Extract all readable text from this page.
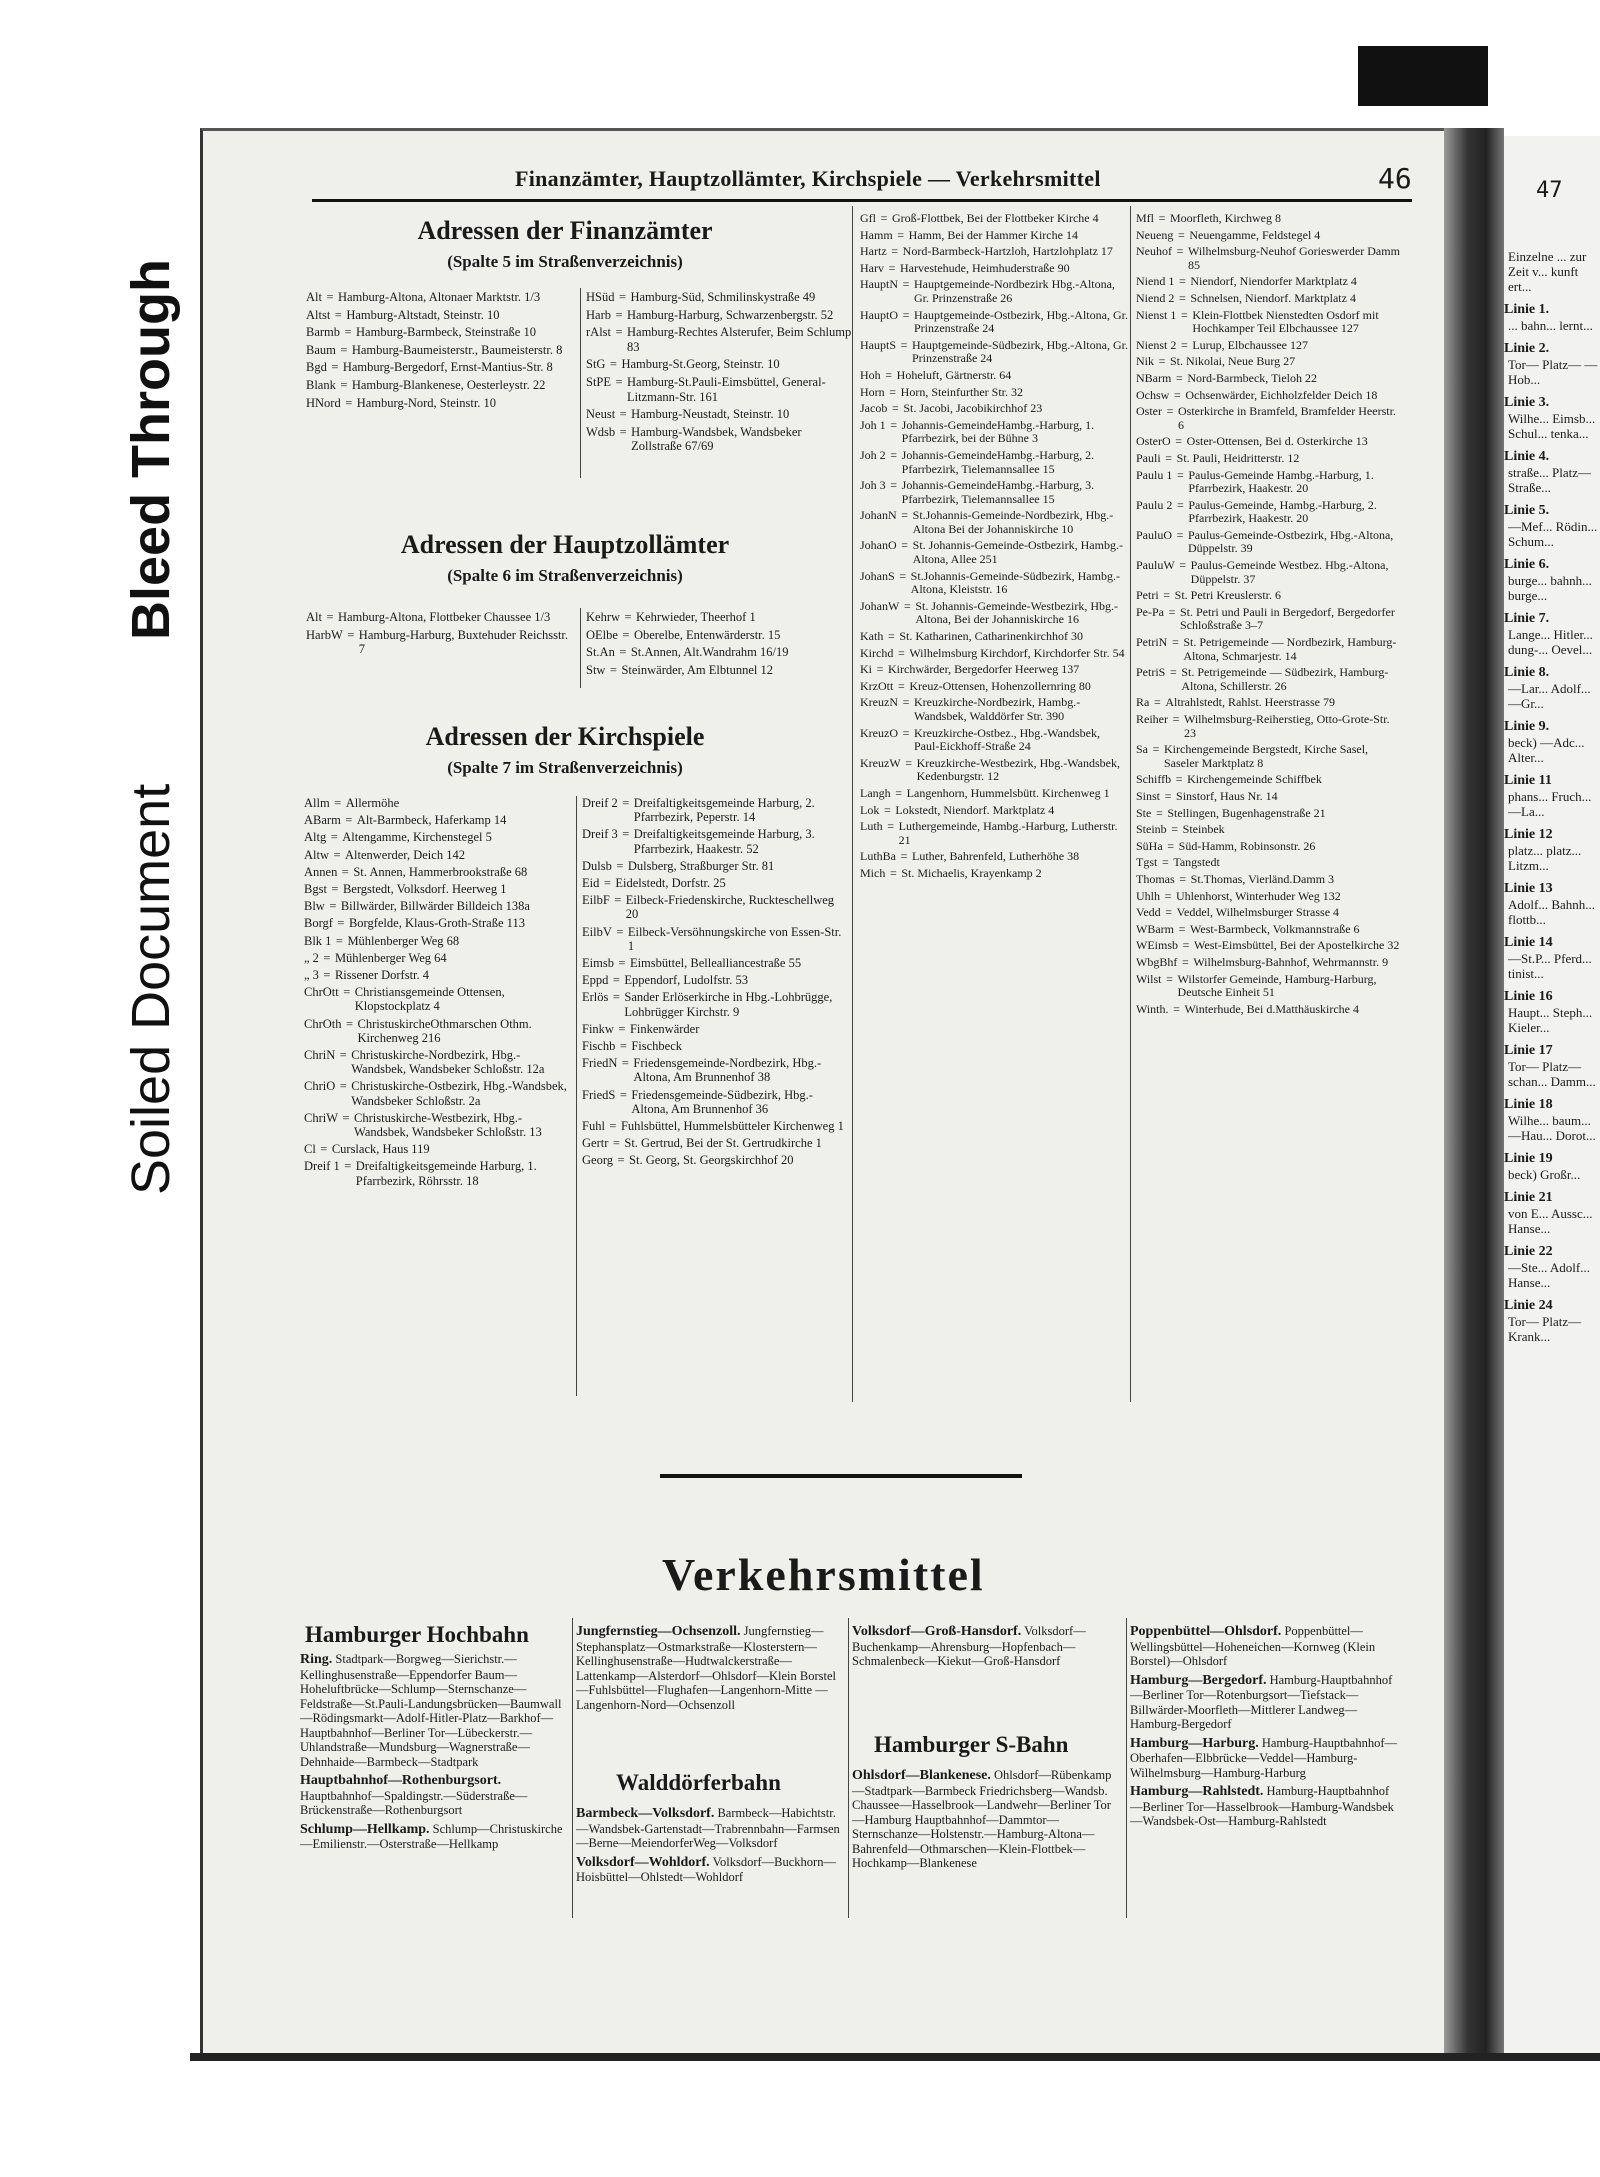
Bleed Through
Soiled Document
47
Einzelne ... zur Zeit v... kunft ert...
Linie 1.
... bahn... lernt...
Linie 2.
Tor— Platz— —Hob...
Linie 3.
Wilhe... Eimsb... Schul... tenka...
Linie 4.
straße... Platz— Straße...
Linie 5.
—Mef... Rödin... Schum...
Linie 6.
burge... bahnh... burge...
Linie 7.
Lange... Hitler... dung-... Oevel...
Linie 8.
—Lar... Adolf... —Gr...
Linie 9.
beck) —Adc... Alter...
Linie 11
phans... Fruch... —La...
Linie 12
platz... platz... Litzm...
Linie 13
Adolf... Bahnh... flottb...
Linie 14
—St.P... Pferd... tinist...
Linie 16
Haupt... Steph... Kieler...
Linie 17
Tor— Platz— schan... Damm...
Linie 18
Wilhe... baum... —Hau... Dorot...
Linie 19
beck) Großr...
Linie 21
von E... Aussc... Hanse...
Linie 22
—Ste... Adolf... Hanse...
Linie 24
Tor— Platz— Krank...
Finanzämter, Hauptzollämter, Kirchspiele — Verkehrsmittel	46
Adressen der Finanzämter
(Spalte 5 im Straßenverzeichnis)
Alt = Hamburg-Altona, Altonaer Marktstr. 1/3
Altst = Hamburg-Altstadt, Steinstr. 10
Barmb = Hamburg-Barmbeck, Steinstraße 10
Baum = Hamburg-Baumeisterstr., Baumeisterstr. 8
Bgd = Hamburg-Bergedorf, Ernst-Mantius-Str. 8
Blank = Hamburg-Blankenese, Oesterleystr. 22
HNord = Hamburg-Nord, Steinstr. 10
HSüd = Hamburg-Süd, Schmilinskystraße 49
Harb = Hamburg-Harburg, Schwarzenbergstr. 52
rAlst = Hamburg-Rechtes Alsterufer, Beim Schlump 83
StG = Hamburg-St.Georg, Steinstr. 10
StPE = Hamburg-St.Pauli-Eimsbüttel, General-Litzmann-Str. 161
Neust = Hamburg-Neustadt, Steinstr. 10
Wdsb = Hamburg-Wandsbek, Wandsbeker Zollstraße 67/69
Adressen der Hauptzollämter
(Spalte 6 im Straßenverzeichnis)
Alt = Hamburg-Altona, Flottbeker Chaussee 1/3
HarbW = Hamburg-Harburg, Buxtehuder Reichsstr. 7
Kehrw = Kehrwieder, Theerhof 1
OElbe = Oberelbe, Entenwärderstr. 15
St.An = St.Annen, Alt.Wandrahm 16/19
Stw = Steinwärder, Am Elbtunnel 12
Adressen der Kirchspiele
(Spalte 7 im Straßenverzeichnis)
Allm = Allermöhe
ABarm = Alt-Barmbeck, Haferkamp 14
Altg = Altengamme, Kirchenstegel 5
Altw = Altenwerder, Deich 142
Annen = St. Annen, Hammerbrookstraße 68
Bgst = Bergstedt, Volksdorf. Heerweg 1
Blw = Billwärder, Billwärder Billdeich 138a
Borgf = Borgfelde, Klaus-Groth-Straße 113
Blk 1 = Mühlenberger Weg 68
„ 2 = Mühlenberger Weg 64
„ 3 = Rissener Dorfstr. 4
ChrOtt = Christiansgemeinde Ottensen, Klopstockplatz 4
ChrOth = ChristuskircheOthmarschen Othm. Kirchenweg 216
ChriN = Christuskirche-Nordbezirk, Hbg.-Wandsbek, Wandsbeker Schloßstr. 12a
ChriO = Christuskirche-Ostbezirk, Hbg.-Wandsbek, Wandsbeker Schloßstr. 2a
ChriW = Christuskirche-Westbezirk, Hbg.-Wandsbek, Wandsbeker Schloßstr. 13
Cl = Curslack, Haus 119
Dreif 1 = Dreifaltigkeitsgemeinde Harburg, 1. Pfarrbezirk, Röhrsstr. 18
Dreif 2 = Dreifaltigkeitsgemeinde Harburg, 2. Pfarrbezirk, Peperstr. 14
Dreif 3 = Dreifaltigkeitsgemeinde Harburg, 3. Pfarrbezirk, Haakestr. 52
Dulsb = Dulsberg, Straßburger Str. 81
Eid = Eidelstedt, Dorfstr. 25
EilbF = Eilbeck-Friedenskirche, Ruckteschellweg 20
EilbV = Eilbeck-Versöhnungskirche von Essen-Str. 1
Eimsb = Eimsbüttel, Bellealliancestraße 55
Eppd = Eppendorf, Ludolfstr. 53
Erlös = Sander Erlöserkirche in Hbg.-Lohbrügge, Lohbrügger Kirchstr. 9
Finkw = Finkenwärder
Fischb = Fischbeck
FriedN = Friedensgemeinde-Nordbezirk, Hbg.-Altona, Am Brunnenhof 38
FriedS = Friedensgemeinde-Südbezirk, Hbg.-Altona, Am Brunnenhof 36
Fuhl = Fuhlsbüttel, Hummelsbütteler Kirchenweg 1
Gertr = St. Gertrud, Bei der St. Gertrudkirche 1
Georg = St. Georg, St. Georgskirchhof 20
Gfl = Groß-Flottbek, Bei der Flottbeker Kirche 4
Hamm = Hamm, Bei der Hammer Kirche 14
Hartz = Nord-Barmbeck-Hartzloh, Hartzlohplatz 17
Harv = Harvestehude, Heimhuderstraße 90
HauptN = Hauptgemeinde-Nordbezirk Hbg.-Altona, Gr. Prinzenstraße 26
HauptO = Hauptgemeinde-Ostbezirk, Hbg.-Altona, Gr. Prinzenstraße 24
HauptS = Hauptgemeinde-Südbezirk, Hbg.-Altona, Gr. Prinzenstraße 24
Hoh = Hoheluft, Gärtnerstr. 64
Horn = Horn, Steinfurther Str. 32
Jacob = St. Jacobi, Jacobikirchhof 23
Joh 1 = Johannis-GemeindeHambg.-Harburg, 1. Pfarrbezirk, bei der Bühne 3
Joh 2 = Johannis-GemeindeHambg.-Harburg, 2. Pfarrbezirk, Tielemannsallee 15
Joh 3 = Johannis-GemeindeHambg.-Harburg, 3. Pfarrbezirk, Tielemannsallee 15
JohanN = St.Johannis-Gemeinde-Nordbezirk, Hbg.-Altona Bei der Johanniskirche 10
JohanO = St. Johannis-Gemeinde-Ostbezirk, Hambg.-Altona, Allee 251
JohanS = St.Johannis-Gemeinde-Südbezirk, Hambg.-Altona, Kleiststr. 16
JohanW = St. Johannis-Gemeinde-Westbezirk, Hbg.-Altona, Bei der Johanniskirche 16
Kath = St. Katharinen, Catharinenkirchhof 30
Kirchd = Wilhelmsburg Kirchdorf, Kirchdorfer Str. 54
Ki = Kirchwärder, Bergedorfer Heerweg 137
KrzOtt = Kreuz-Ottensen, Hohenzollernring 80
KreuzN = Kreuzkirche-Nordbezirk, Hambg.-Wandsbek, Walddörfer Str. 390
KreuzO = Kreuzkirche-Ostbez., Hbg.-Wandsbek, Paul-Eickhoff-Straße 24
KreuzW = Kreuzkirche-Westbezirk, Hbg.-Wandsbek, Kedenburgstr. 12
Langh = Langenhorn, Hummelsbütt. Kirchenweg 1
Lok = Lokstedt, Niendorf. Marktplatz 4
Luth = Luthergemeinde, Hambg.-Harburg, Lutherstr. 21
LuthBa = Luther, Bahrenfeld, Lutherhöhe 38
Mich = St. Michaelis, Krayenkamp 2
Mfl = Moorfleth, Kirchweg 8
Neueng = Neuengamme, Feldstegel 4
Neuhof = Wilhelmsburg-Neuhof Gorieswerder Damm 85
Niend 1 = Niendorf, Niendorfer Marktplatz 4
Niend 2 = Schnelsen, Niendorf. Marktplatz 4
Nienst 1 = Klein-Flottbek Nienstedten Osdorf mit Hochkamper Teil Elbchaussee 127
Nienst 2 = Lurup, Elbchaussee 127
Nik = St. Nikolai, Neue Burg 27
NBarm = Nord-Barmbeck, Tieloh 22
Ochsw = Ochsenwärder, Eichholzfelder Deich 18
Oster = Osterkirche in Bramfeld, Bramfelder Heerstr. 6
OsterO = Oster-Ottensen, Bei d. Osterkirche 13
Pauli = St. Pauli, Heidritterstr. 12
Paulu 1 = Paulus-Gemeinde Hambg.-Harburg, 1. Pfarrbezirk, Haakestr. 20
Paulu 2 = Paulus-Gemeinde, Hambg.-Harburg, 2. Pfarrbezirk, Haakestr. 20
PauluO = Paulus-Gemeinde-Ostbezirk, Hbg.-Altona, Düppelstr. 39
PauluW = Paulus-Gemeinde Westbez. Hbg.-Altona, Düppelstr. 37
Petri = St. Petri Kreuslerstr. 6
Pe-Pa = St. Petri und Pauli in Bergedorf, Bergedorfer Schloßstraße 3–7
PetriN = St. Petrigemeinde — Nordbezirk, Hamburg-Altona, Schmarjestr. 14
PetriS = St. Petrigemeinde — Südbezirk, Hamburg-Altona, Schillerstr. 26
Ra = Altrahlstedt, Rahlst. Heerstrasse 79
Reiher = Wilhelmsburg-Reiherstieg, Otto-Grote-Str. 23
Sa = Kirchengemeinde Bergstedt, Kirche Sasel, Saseler Marktplatz 8
Schiffb = Kirchengemeinde Schiffbek
Sinst = Sinstorf, Haus Nr. 14
Ste = Stellingen, Bugenhagenstraße 21
Steinb = Steinbek
SüHa = Süd-Hamm, Robinsonstr. 26
Tgst = Tangstedt
Thomas = St.Thomas, Vierländ.Damm 3
Uhlh = Uhlenhorst, Winterhuder Weg 132
Vedd = Veddel, Wilhelmsburger Strasse 4
WBarm = West-Barmbeck, Volkmannstraße 6
WEimsb = West-Eimsbüttel, Bei der Apostelkirche 32
WbgBhf = Wilhelmsburg-Bahnhof, Wehrmannstr. 9
Wilst = Wilstorfer Gemeinde, Hamburg-Harburg, Deutsche Einheit 51
Winth. = Winterhude, Bei d.Matthäuskirche 4
Verkehrsmittel
Hamburger Hochbahn
Ring. Stadtpark—Borgweg—Sierichstr.—Kellinghusenstraße—Eppendorfer Baum—Hoheluftbrücke—Schlump—Sternschanze—Feldstraße—St.Pauli-Landungsbrücken—Baumwall—Rödingsmarkt—Adolf-Hitler-Platz—Barkhof—Hauptbahnhof—Berliner Tor—Lübeckerstr.—Uhlandstraße—Mundsburg—Wagnerstraße—Dehnhaide—Barmbeck—Stadtpark
Hauptbahnhof—Rothenburgsort. Hauptbahnhof—Spaldingstr.—Süderstraße—Brückenstraße—Rothenburgsort
Schlump—Hellkamp. Schlump—Christuskirche—Emilienstr.—Osterstraße—Hellkamp
Jungfernstieg—Ochsenzoll. Jungfernstieg—Stephansplatz—Ostmarkstraße—Klosterstern—Kellinghusenstraße—Hudtwalckerstraße—Lattenkamp—Alsterdorf—Ohlsdorf—Klein Borstel—Fuhlsbüttel—Flughafen—Langenhorn-Mitte — Langenhorn-Nord—Ochsenzoll
Walddörferbahn
Barmbeck—Volksdorf. Barmbeck—Habichtstr.—Wandsbek-Gartenstadt—Trabrennbahn—Farmsen—Berne—MeiendorferWeg—Volksdorf
Volksdorf—Wohldorf. Volksdorf—Buckhorn—Hoisbüttel—Ohlstedt—Wohldorf
Volksdorf—Groß-Hansdorf. Volksdorf—Buchenkamp—Ahrensburg—Hopfenbach—Schmalenbeck—Kiekut—Groß-Hansdorf
Hamburger S-Bahn
Ohlsdorf—Blankenese. Ohlsdorf—Rübenkamp—Stadtpark—Barmbeck Friedrichsberg—Wandsb. Chaussee—Hasselbrook—Landwehr—Berliner Tor—Hamburg Hauptbahnhof—Dammtor—Sternschanze—Holstenstr.—Hamburg-Altona—Bahrenfeld—Othmarschen—Klein-Flottbek—Hochkamp—Blankenese
Poppenbüttel—Ohlsdorf. Poppenbüttel—Wellingsbüttel—Hoheneichen—Kornweg (Klein Borstel)—Ohlsdorf
Hamburg—Bergedorf. Hamburg-Hauptbahnhof—Berliner Tor—Rotenburgsort—Tiefstack—Billwärder-Moorfleth—Mittlerer Landweg—Hamburg-Bergedorf
Hamburg—Harburg. Hamburg-Hauptbahnhof—Oberhafen—Elbbrücke—Veddel—Hamburg-Wilhelmsburg—Hamburg-Harburg
Hamburg—Rahlstedt. Hamburg-Hauptbahnhof—Berliner Tor—Hasselbrook—Hamburg-Wandsbek—Wandsbek-Ost—Hamburg-Rahlstedt
